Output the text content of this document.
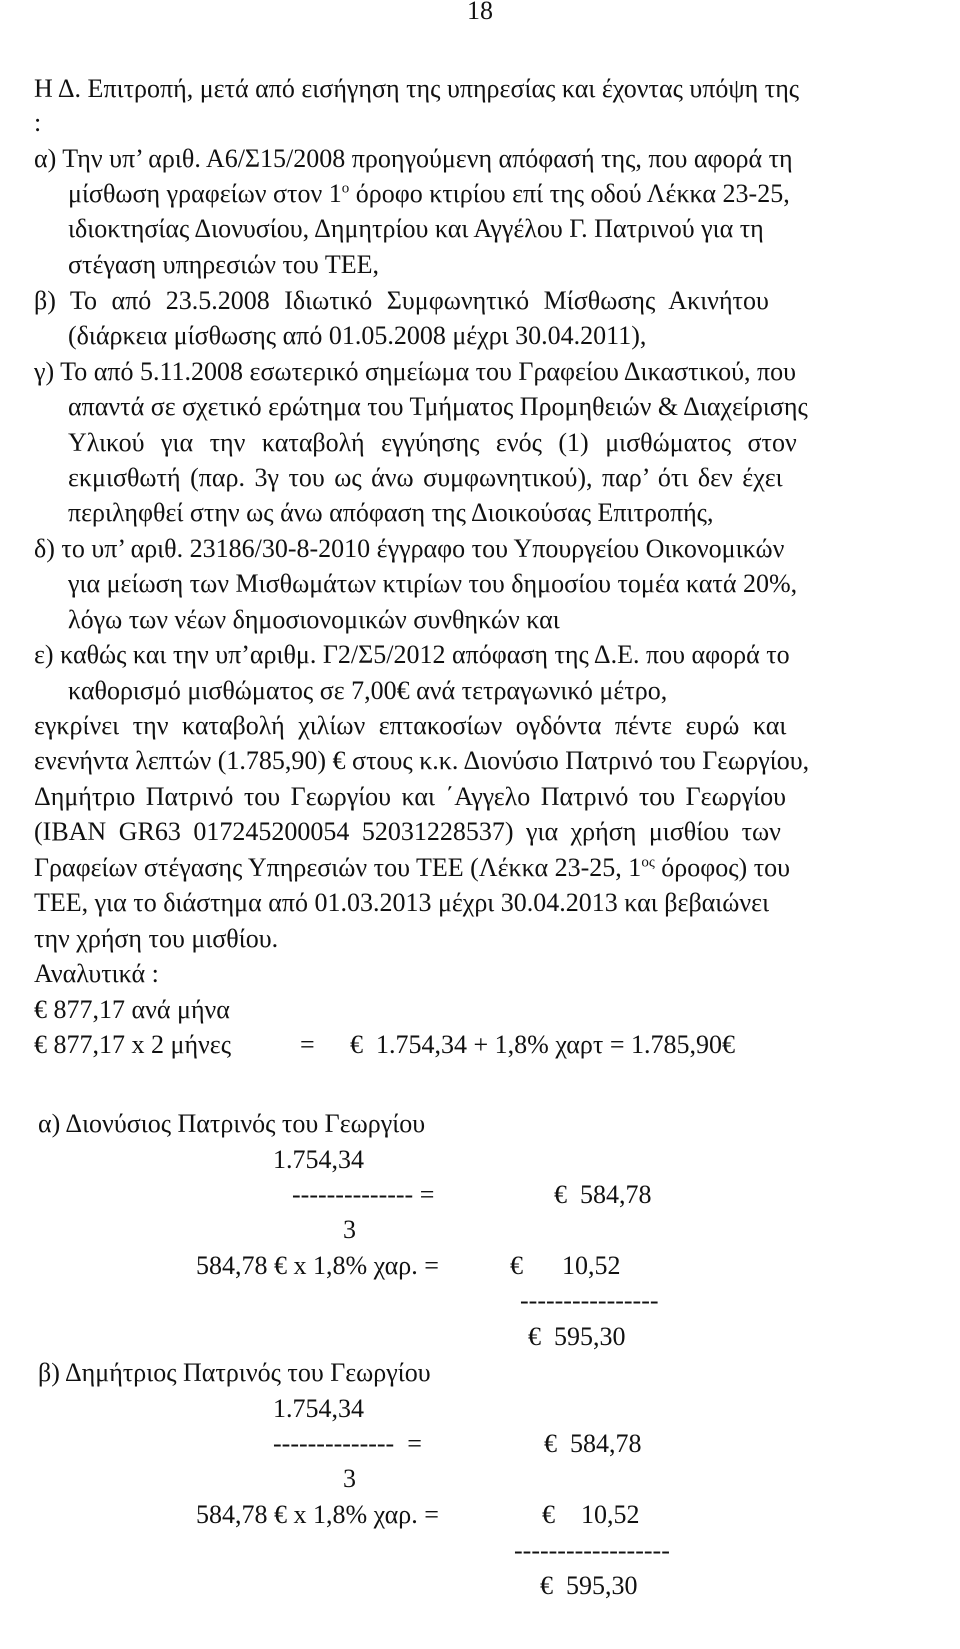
18
Η Δ. Επιτροπή, μετά από εισήγηση της υπηρεσίας και έχοντας υπόψη της
:
α) Την υπ’ αριθ. Α6/Σ15/2008 προηγούμενη απόφασή της, που αφορά τη
μίσθωση γραφείων στον $1^o$ όροφο κτιρίου επί της οδού Λέκκα 23-25,
ιδιοκτησίας Διονυσίου, Δημητρίου και Αγγέλου Γ. Πατρινού για τη
στέγαση υπηρεσιών του ΤΕΕ,
β) Το από 23.5.2008 Ιδιωτικό Συμφωνητικό Μίσθωσης Ακινήτου
(διάρκεια μίσθωσης από 01.05.2008 μέχρι 30.04.2011),
γ) Το από 5.11.2008 εσωτερικό σημείωμα του Γραφείου Δικαστικού, που
απαντά σε σχετικό ερώτημα του Τμήματος Προμηθειών & Διαχείρισης
Υλικού για την καταβολή εγγύησης ενός (1) μισθώματος στον
εκμισθωτή (παρ. 3γ του ως άνω συμφωνητικού), παρ’ ότι δεν έχει
περιληφθεί στην ως άνω απόφαση της Διοικούσας Επιτροπής,
δ) το υπ’ αριθ. 23186/30-8-2010 έγγραφο του Υπουργείου Οικονομικών
για μείωση των Μισθωμάτων κτιρίων του δημοσίου τομέα κατά 20%,
λόγω των νέων δημοσιονομικών συνθηκών και
ε) καθώς και την υπ’αριθμ. Γ2/Σ5/2012 απόφαση της Δ.Ε. που αφορά το
καθορισμό μισθώματος σε 7,00€ ανά τετραγωνικό μέτρο,
εγκρίνει την καταβολή χιλίων επτακοσίων ογδόντα πέντε ευρώ και
ενενήντα λεπτών (1.785,90) € στους κ.κ. Διονύσιο Πατρινό του Γεωργίου,
Δημήτριο Πατρινό του Γεωργίου και ΄Αγγελο Πατρινό του Γεωργίου
(ΙΒΑΝ GR63 017245200054 52031228537) για χρήση μισθίου των
Γραφείων στέγασης Υπηρεσιών του ΤΕΕ (Λέκκα 23-25, $1^{o\varsigma}$ όροφος) του
ΤΕΕ, για το διάστημα από 01.03.2013 μέχρι 30.04.2013 και βεβαιώνει
την χρήση του μισθίου.
Αναλυτικά :
€ 877,17 ανά μήνα
€ 877,17 x 2 μήνες	= €  1.754,34 + 1,8% χαρτ = 1.785,90€
α) Διονύσιος Πατρινός του Γεωργίου
1.754,34
-------------- =	€  584,78
3
584,78 € x 1,8% χαρ. =	€      10,52
----------------
€  595,30
β) Δημήτριος Πατρινός του Γεωργίου
1.754,34
--------------  =	€  584,78
3
584,78 € x 1,8% χαρ. =	€    10,52
------------------
€  595,30
